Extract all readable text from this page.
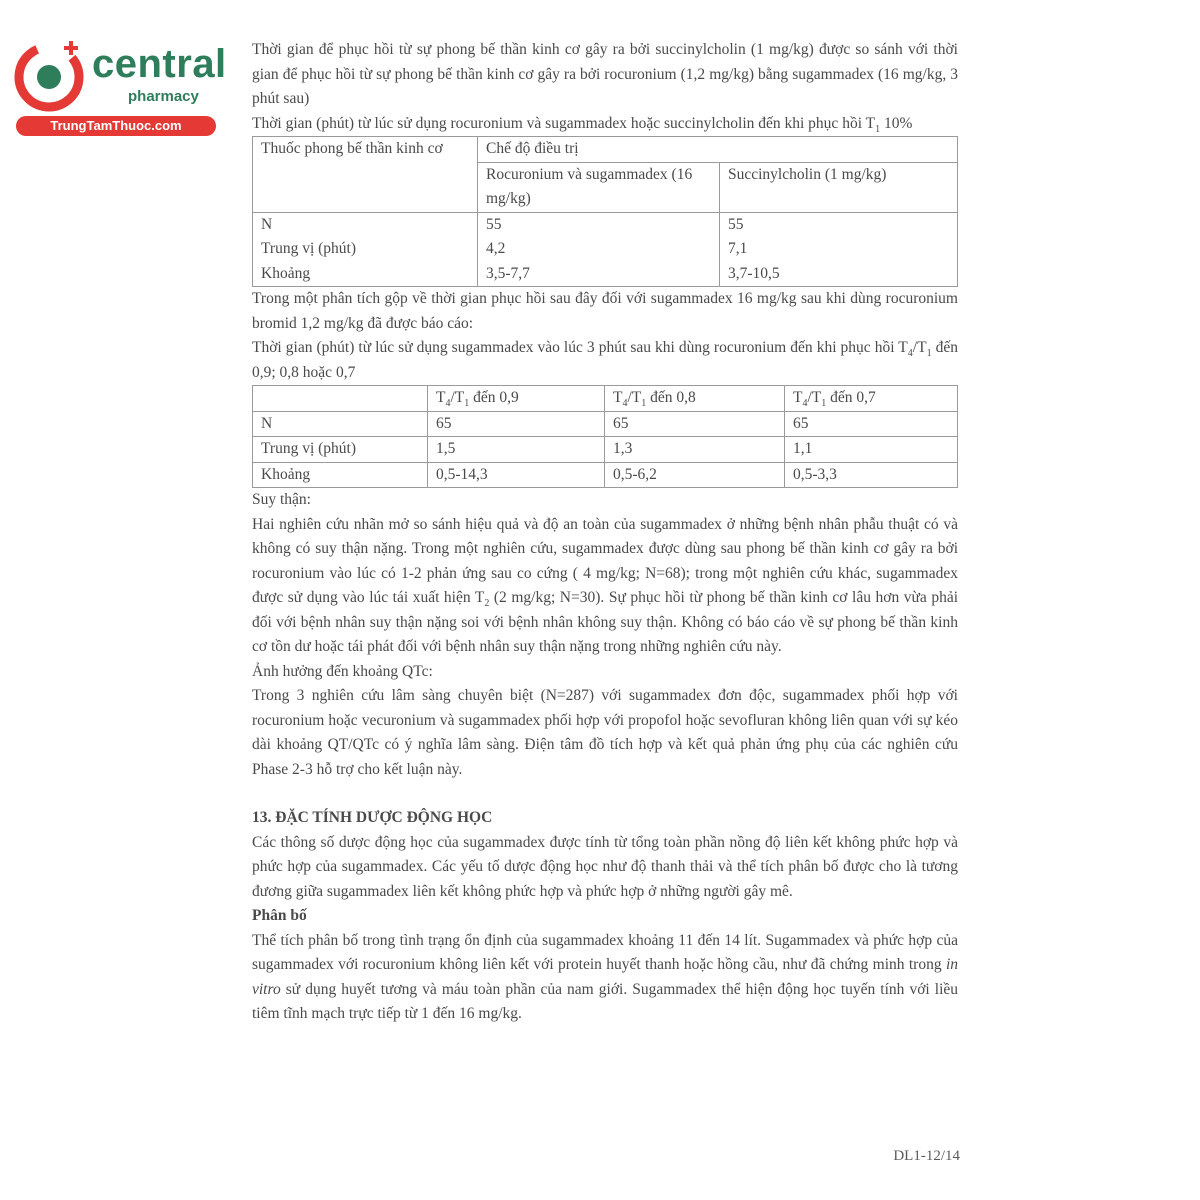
central
pharmacy
TrungTamThuoc.com

Thời gian để phục hồi từ sự phong bế thần kinh cơ gây ra bởi succinylcholin (1 mg/kg) được so sánh với thời gian để phục hồi từ sự phong bế thần kinh cơ gây ra bởi rocuronium (1,2 mg/kg) bằng sugammadex (16 mg/kg, 3 phút sau)

Thời gian (phút) từ lúc sử dụng rocuronium và sugammadex hoặc succinylcholin đến khi phục hồi $T_1$ 10%

Thuốc phong bế thần kinh cơ	Chế độ điều trị	
	Rocuronium và sugammadex (16 mg/kg)	Succinylcholin (1 mg/kg)
N	55	55
Trung vị (phút)	4,2	7,1
Khoảng	3,5-7,7	3,7-10,5

Trong một phân tích gộp về thời gian phục hồi sau đây đối với sugammadex 16 mg/kg sau khi dùng rocuronium bromid 1,2 mg/kg đã được báo cáo:

Thời gian (phút) từ lúc sử dụng sugammadex vào lúc 3 phút sau khi dùng rocuronium đến khi phục hồi $T_4/T_1$ đến 0,9; 0,8 hoặc 0,7

	$T_4/T_1$ đến 0,9	$T_4/T_1$ đến 0,8	$T_4/T_1$ đến 0,7
N	65	65	65
Trung vị (phút)	1,5	1,3	1,1
Khoảng	0,5-14,3	0,5-6,2	0,5-3,3

Suy thận:

Hai nghiên cứu nhãn mở so sánh hiệu quả và độ an toàn của sugammadex ở những bệnh nhân phẫu thuật có và không có suy thận nặng. Trong một nghiên cứu, sugammadex được dùng sau phong bế thần kinh cơ gây ra bởi rocuronium vào lúc có 1-2 phản ứng sau co cứng ( 4 mg/kg; N=68); trong một nghiên cứu khác, sugammadex được sử dụng vào lúc tái xuất hiện $T_2$ (2 mg/kg; N=30). Sự phục hồi từ phong bế thần kinh cơ lâu hơn vừa phải đối với bệnh nhân suy thận nặng soi với bệnh nhân không suy thận. Không có báo cáo về sự phong bế thần kinh cơ tồn dư hoặc tái phát đối với bệnh nhân suy thận nặng trong những nghiên cứu này.

Ảnh hưởng đến khoảng QTc:

Trong 3 nghiên cứu lâm sàng chuyên biệt (N=287) với sugammadex đơn độc, sugammadex phối hợp với rocuronium hoặc vecuronium và sugammadex phối hợp với propofol hoặc sevofluran không liên quan với sự kéo dài khoảng QT/QTc có ý nghĩa lâm sàng. Điện tâm đồ tích hợp và kết quả phản ứng phụ của các nghiên cứu Phase 2-3 hỗ trợ cho kết luận này.

13. ĐẶC TÍNH DƯỢC ĐỘNG HỌC

Các thông số dược động học của sugammadex được tính từ tổng toàn phần nồng độ liên kết không phức hợp và phức hợp của sugammadex. Các yếu tố dược động học như độ thanh thải và thể tích phân bố được cho là tương đương giữa sugammadex liên kết không phức hợp và phức hợp ở những người gây mê.

Phân bố

Thể tích phân bố trong tình trạng ổn định của sugammadex khoảng 11 đến 14 lít. Sugammadex và phức hợp của sugammadex với rocuronium không liên kết với protein huyết thanh hoặc hồng cầu, như đã chứng minh trong in vitro sử dụng huyết tương và máu toàn phần của nam giới. Sugammadex thể hiện động học tuyến tính với liều tiêm tĩnh mạch trực tiếp từ 1 đến 16 mg/kg.

DL1-12/14
